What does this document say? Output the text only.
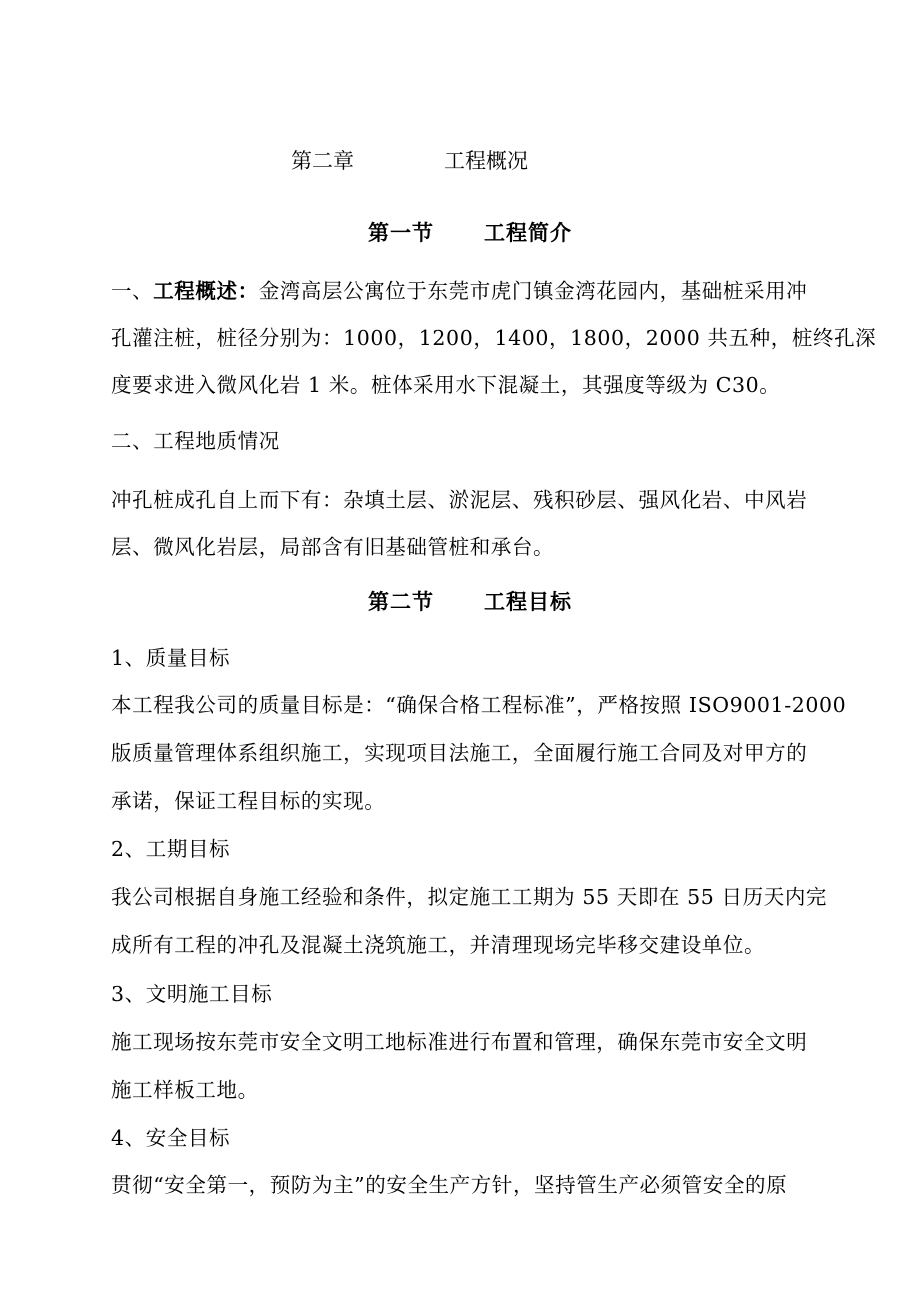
第二章	工程概况
第一节 工程简介
一、工程概述：金湾高层公寓位于东莞市虎门镇金湾花园内，基础桩采用冲
孔灌注桩，桩径分别为：1000，1200，1400，1800，2000 共五种，桩终孔深
度要求进入微风化岩 1 米。桩体采用水下混凝土，其强度等级为 C30。
二、工程地质情况
冲孔桩成孔自上而下有：杂填土层、淤泥层、残积砂层、强风化岩、中风岩
层、微风化岩层，局部含有旧基础管桩和承台。
第二节 工程目标
1、质量目标
本工程我公司的质量目标是：“确保合格工程标准”，严格按照 ISO9001-2000
版质量管理体系组织施工，实现项目法施工，全面履行施工合同及对甲方的
承诺，保证工程目标的实现。
2、工期目标
我公司根据自身施工经验和条件，拟定施工工期为 55 天即在 55 日历天内完
成所有工程的冲孔及混凝土浇筑施工，并清理现场完毕移交建设单位。
3、文明施工目标
施工现场按东莞市安全文明工地标准进行布置和管理，确保东莞市安全文明
施工样板工地。
4、安全目标
贯彻“安全第一，预防为主”的安全生产方针，坚持管生产必须管安全的原
